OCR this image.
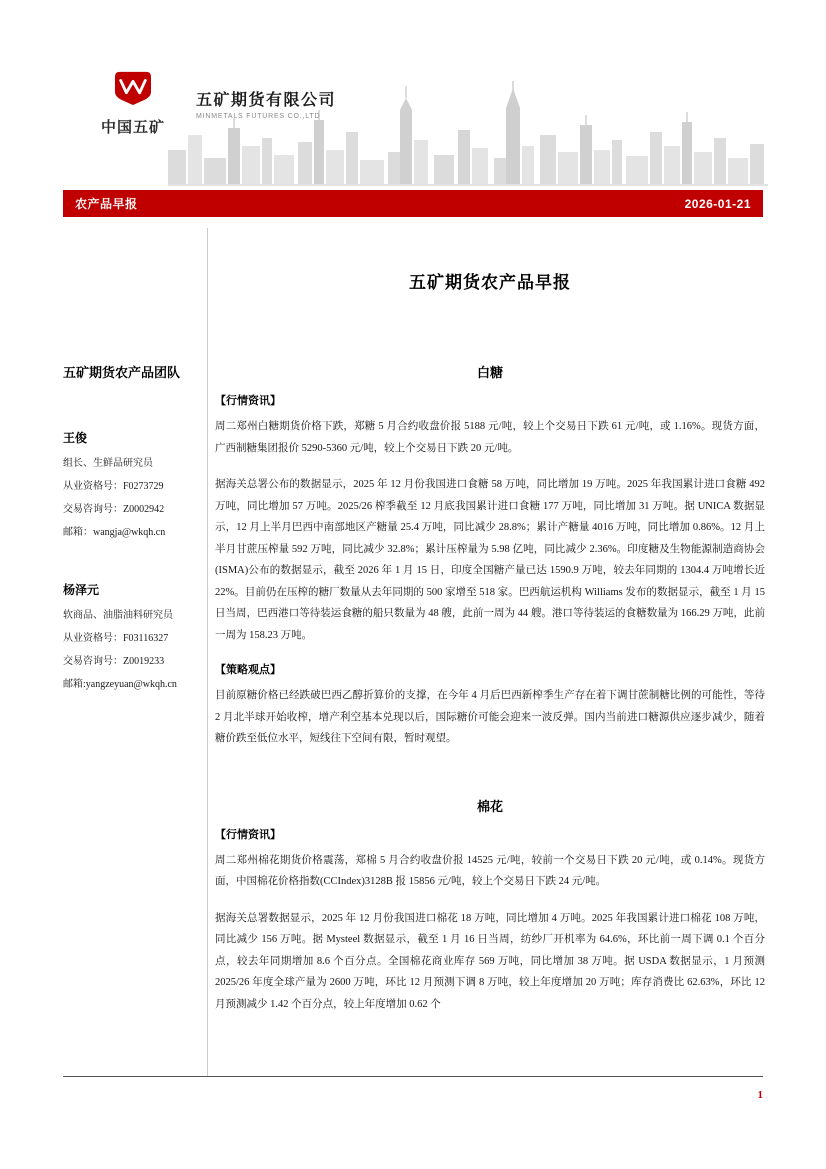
中国五矿
五矿期货有限公司
MINMETALS FUTURES CO.,LTD
农产品早报	2026-01-21
五矿期货农产品早报
五矿期货农产品团队
王俊
组长、生鲜品研究员
从业资格号：F0273729
交易咨询号：Z0002942
邮箱：wangja@wkqh.cn
杨泽元
软商品、油脂油料研究员
从业资格号：F03116327
交易咨询号：Z0019233
邮箱:yangzeyuan@wkqh.cn
白糖
【行情资讯】

周二郑州白糖期货价格下跌，郑糖 5 月合约收盘价报 5188 元/吨，较上个交易日下跌 61 元/吨，或 1.16%。现货方面，广西制糖集团报价 5290-5360 元/吨，较上个交易日下跌 20 元/吨。

据海关总署公布的数据显示，2025 年 12 月份我国进口食糖 58 万吨，同比增加 19 万吨。2025 年我国累计进口食糖 492 万吨，同比增加 57 万吨。2025/26 榨季截至 12 月底我国累计进口食糖 177 万吨，同比增加 31 万吨。据 UNICA 数据显示，12 月上半月巴西中南部地区产糖量 25.4 万吨，同比减少 28.8%；累计产糖量 4016 万吨，同比增加 0.86%。12 月上半月甘蔗压榨量 592 万吨，同比减少 32.8%；累计压榨量为 5.98 亿吨，同比减少 2.36%。印度糖及生物能源制造商协会(ISMA)公布的数据显示，截至 2026 年 1 月 15 日，印度全国糖产量已达 1590.9 万吨，较去年同期的 1304.4 万吨增长近 22%。目前仍在压榨的糖厂数量从去年同期的 500 家增至 518 家。巴西航运机构 Williams 发布的数据显示，截至 1 月 15 日当周，巴西港口等待装运食糖的船只数量为 48 艘，此前一周为 44 艘。港口等待装运的食糖数量为 166.29 万吨，此前一周为 158.23 万吨。

【策略观点】

目前原糖价格已经跌破巴西乙醇折算价的支撑，在今年 4 月后巴西新榨季生产存在着下调甘蔗制糖比例的可能性，等待 2 月北半球开始收榨，增产利空基本兑现以后，国际糖价可能会迎来一波反弹。国内当前进口糖源供应逐步减少，随着糖价跌至低位水平，短线往下空间有限，暂时观望。

棉花
【行情资讯】

周二郑州棉花期货价格震荡，郑棉 5 月合约收盘价报 14525 元/吨，较前一个交易日下跌 20 元/吨，或 0.14%。现货方面，中国棉花价格指数(CCIndex)3128B 报 15856 元/吨，较上个交易日下跌 24 元/吨。

据海关总署数据显示，2025 年 12 月份我国进口棉花 18 万吨，同比增加 4 万吨。2025 年我国累计进口棉花 108 万吨，同比减少 156 万吨。据 Mysteel 数据显示，截至 1 月 16 日当周，纺纱厂开机率为 64.6%，环比前一周下调 0.1 个百分点，较去年同期增加 8.6 个百分点。全国棉花商业库存 569 万吨，同比增加 38 万吨。据 USDA 数据显示，1 月预测 2025/26 年度全球产量为 2600 万吨，环比 12 月预测下调 8 万吨，较上年度增加 20 万吨；库存消费比 62.63%，环比 12 月预测减少 1.42 个百分点，较上年度增加 0.62 个

1
